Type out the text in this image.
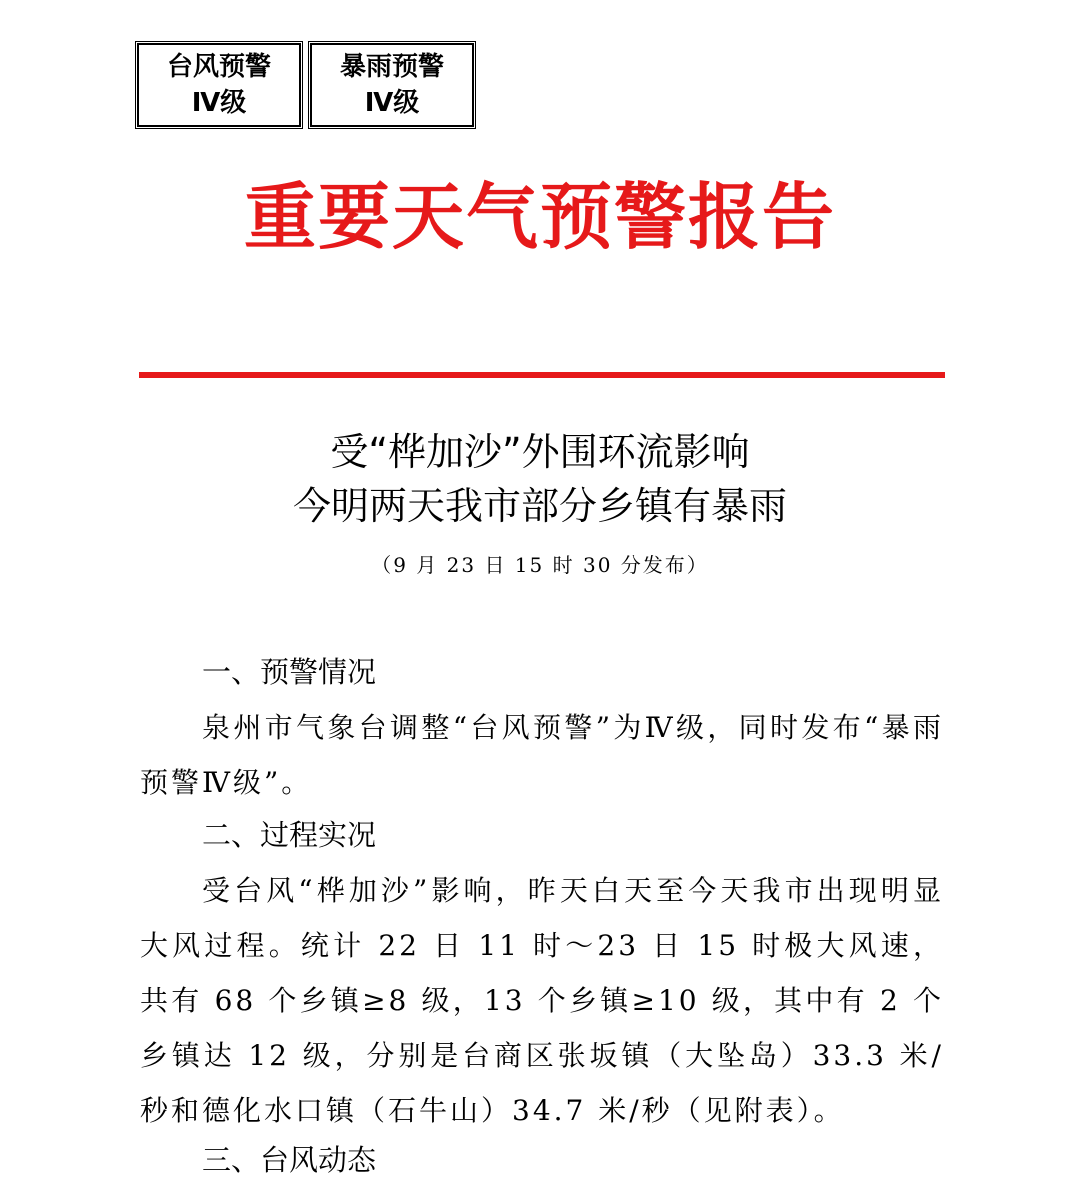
台风预警
Ⅳ级
暴雨预警
Ⅳ级
重要天气预警报告
受“桦加沙”外围环流影响
今明两天我市部分乡镇有暴雨
（9 月 23 日 15 时 30 分发布）
一、预警情况
泉州市气象台调整“台风预警”为Ⅳ级，同时发布“暴雨预警Ⅳ级”。
二、过程实况
受台风“桦加沙”影响，昨天白天至今天我市出现明显大风过程。统计 22 日 11 时～23 日 15 时极大风速，共有 68 个乡镇≥8 级，13 个乡镇≥10 级，其中有 2 个乡镇达 12 级，分别是台商区张坂镇（大坠岛）33.3 米/秒和德化水口镇（石牛山）34.7 米/秒（见附表）。
三、台风动态
